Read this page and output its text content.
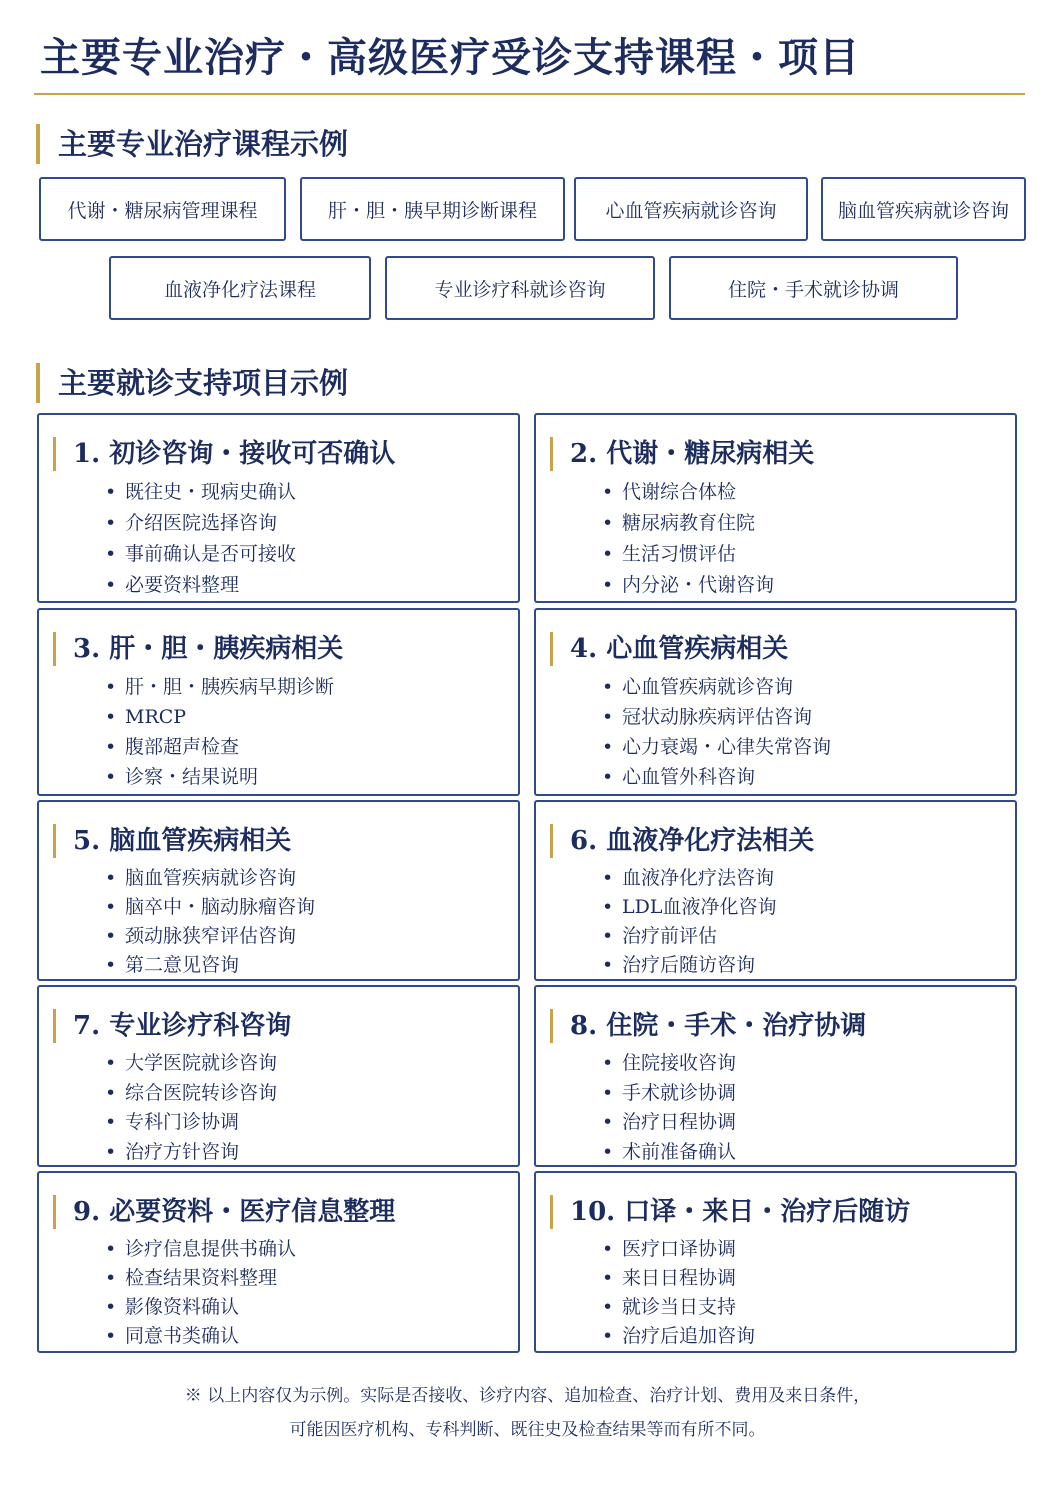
主要专业治疗・高级医疗受诊支持课程・项目
主要专业治疗课程示例
代谢・糖尿病管理课程	肝・胆・胰早期诊断课程	心血管疾病就诊咨询	脑血管疾病就诊咨询
血液净化疗法课程	专业诊疗科就诊咨询	住院・手术就诊协调
主要就诊支持项目示例
1. 初诊咨询・接收可否确认
• 既往史・现病史确认
• 介绍医院选择咨询
• 事前确认是否可接收
• 必要资料整理
2. 代谢・糖尿病相关
• 代谢综合体检
• 糖尿病教育住院
• 生活习惯评估
• 内分泌・代谢咨询
3. 肝・胆・胰疾病相关
• 肝・胆・胰疾病早期诊断
• MRCP
• 腹部超声检查
• 诊察・结果说明
4. 心血管疾病相关
• 心血管疾病就诊咨询
• 冠状动脉疾病评估咨询
• 心力衰竭・心律失常咨询
• 心血管外科咨询
5. 脑血管疾病相关
• 脑血管疾病就诊咨询
• 脑卒中・脑动脉瘤咨询
• 颈动脉狭窄评估咨询
• 第二意见咨询
6. 血液净化疗法相关
• 血液净化疗法咨询
• LDL血液净化咨询
• 治疗前评估
• 治疗后随访咨询
7. 专业诊疗科咨询
• 大学医院就诊咨询
• 综合医院转诊咨询
• 专科门诊协调
• 治疗方针咨询
8. 住院・手术・治疗协调
• 住院接收咨询
• 手术就诊协调
• 治疗日程协调
• 术前准备确认
9. 必要资料・医疗信息整理
• 诊疗信息提供书确认
• 检查结果资料整理
• 影像资料确认
• 同意书类确认
10. 口译・来日・治疗后随访
• 医疗口译协调
• 来日日程协调
• 就诊当日支持
• 治疗后追加咨询
※ 以上内容仅为示例。实际是否接收、诊疗内容、追加检查、治疗计划、费用及来日条件，
可能因医疗机构、专科判断、既往史及检查结果等而有所不同。
